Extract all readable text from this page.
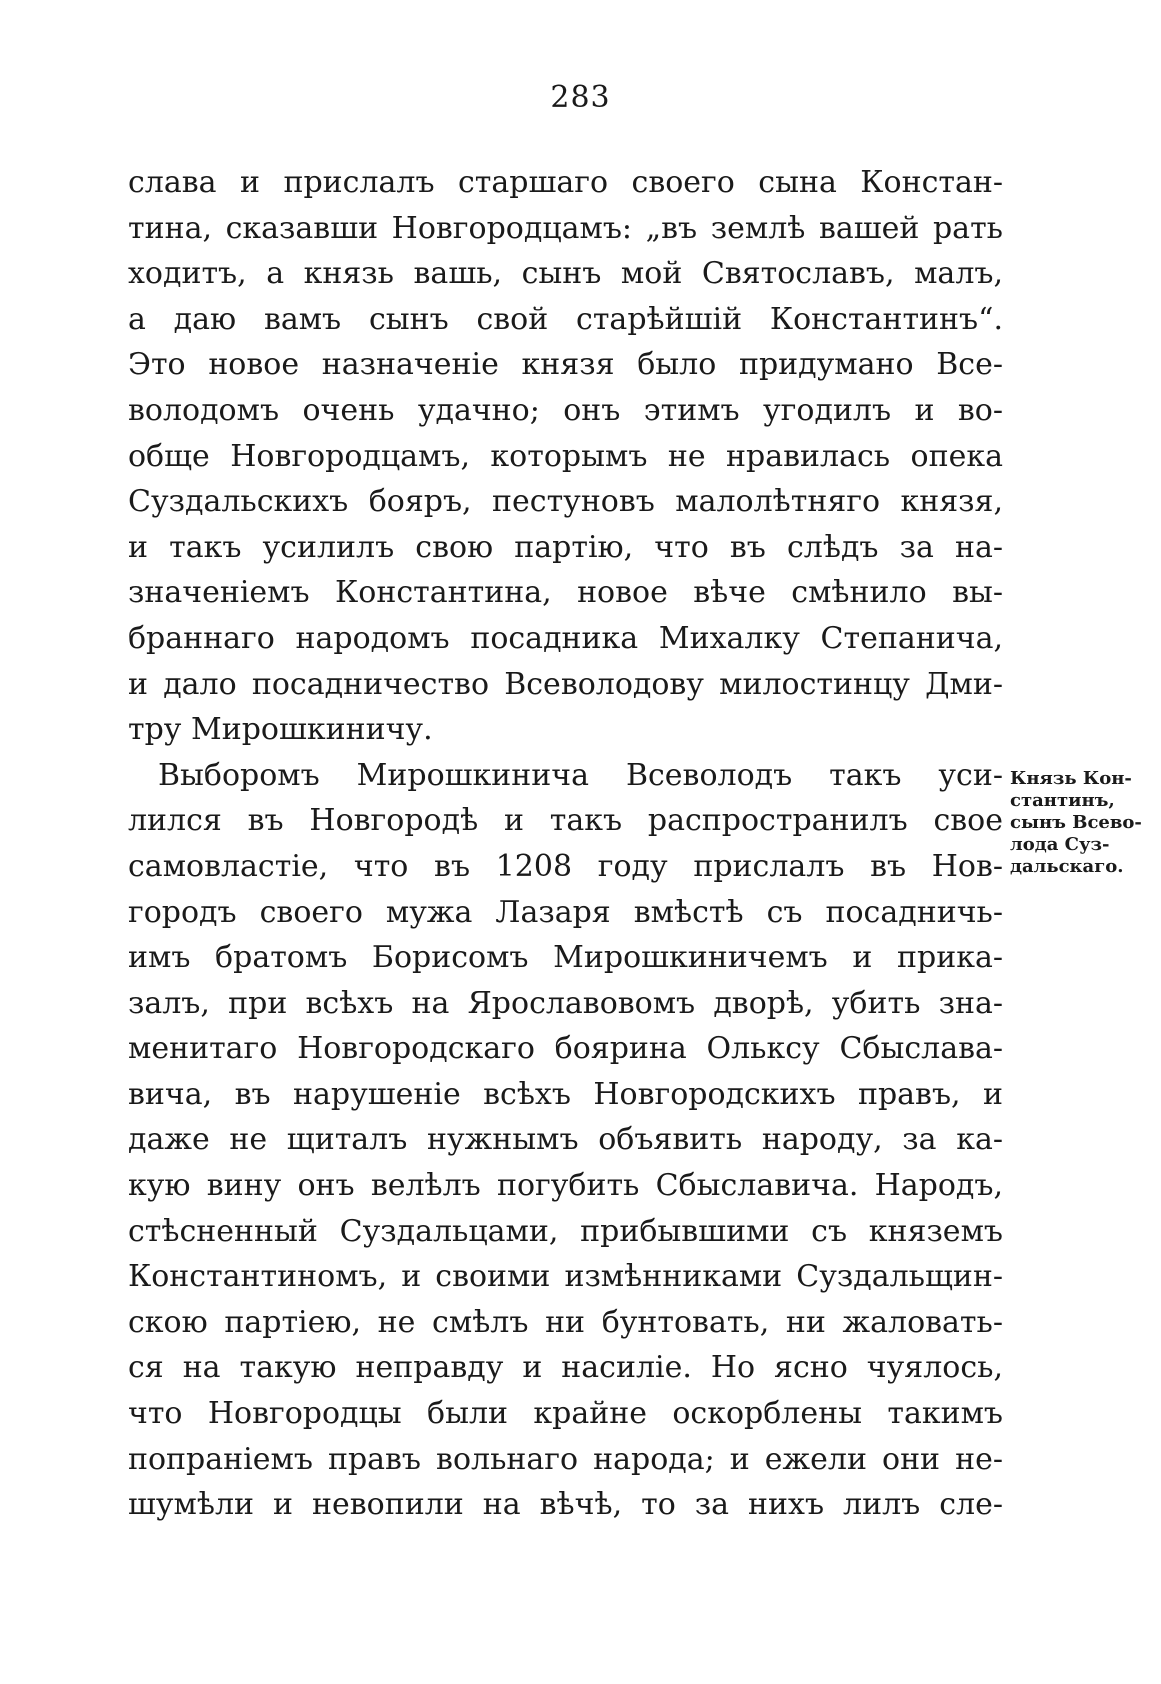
283
слава и прислалъ старшаго своего сына Констан-
тина, сказавши Новгородцамъ: „въ землѣ вашей рать
ходитъ, а князь вашь, сынъ мой Святославъ, малъ,
а даю вамъ сынъ свой старѣйшій Константинъ“.
Это новое назначеніе князя было придумано Все-
володомъ очень удачно; онъ этимъ угодилъ и во-
обще Новгородцамъ, которымъ не нравилась опека
Суздальскихъ бояръ, пестуновъ малолѣтняго князя,
и такъ усилилъ свою партію, что въ слѣдъ за на-
значеніемъ Константина, новое вѣче смѣнило вы-
браннаго народомъ посадника Михалку Степанича,
и дало посадничество Всеволодову милостинцу Дми-
тру Мирошкиничу.
Выборомъ Мирошкинича Всеволодъ такъ уси-
лился въ Новгородѣ и такъ распространилъ свое
самовластіе, что въ 1208 году прислалъ въ Нов-
городъ своего мужа Лазаря вмѣстѣ съ посадничь-
имъ братомъ Борисомъ Мирошкиничемъ и прика-
залъ, при всѣхъ на Ярославовомъ дворѣ, убить зна-
менитаго Новгородскаго боярина Ольксу Сбыслава-
вича, въ нарушеніе всѣхъ Новгородскихъ правъ, и
даже не щиталъ нужнымъ объявить народу, за ка-
кую вину онъ велѣлъ погубить Сбыславича. Народъ,
стѣсненный Суздальцами, прибывшими съ княземъ
Константиномъ, и своими измѣнниками Суздальщин-
скою партіею, не смѣлъ ни бунтовать, ни жаловать-
ся на такую неправду и насиліе. Но ясно чуялось,
что Новгородцы были крайне оскорблены такимъ
попраніемъ правъ вольнаго народа; и ежели они не-
шумѣли и невопили на вѣчѣ, то за нихъ лилъ сле-
Князь Кон-
стантинъ,
сынъ Всево-
лода Суз-
дальскаго.
